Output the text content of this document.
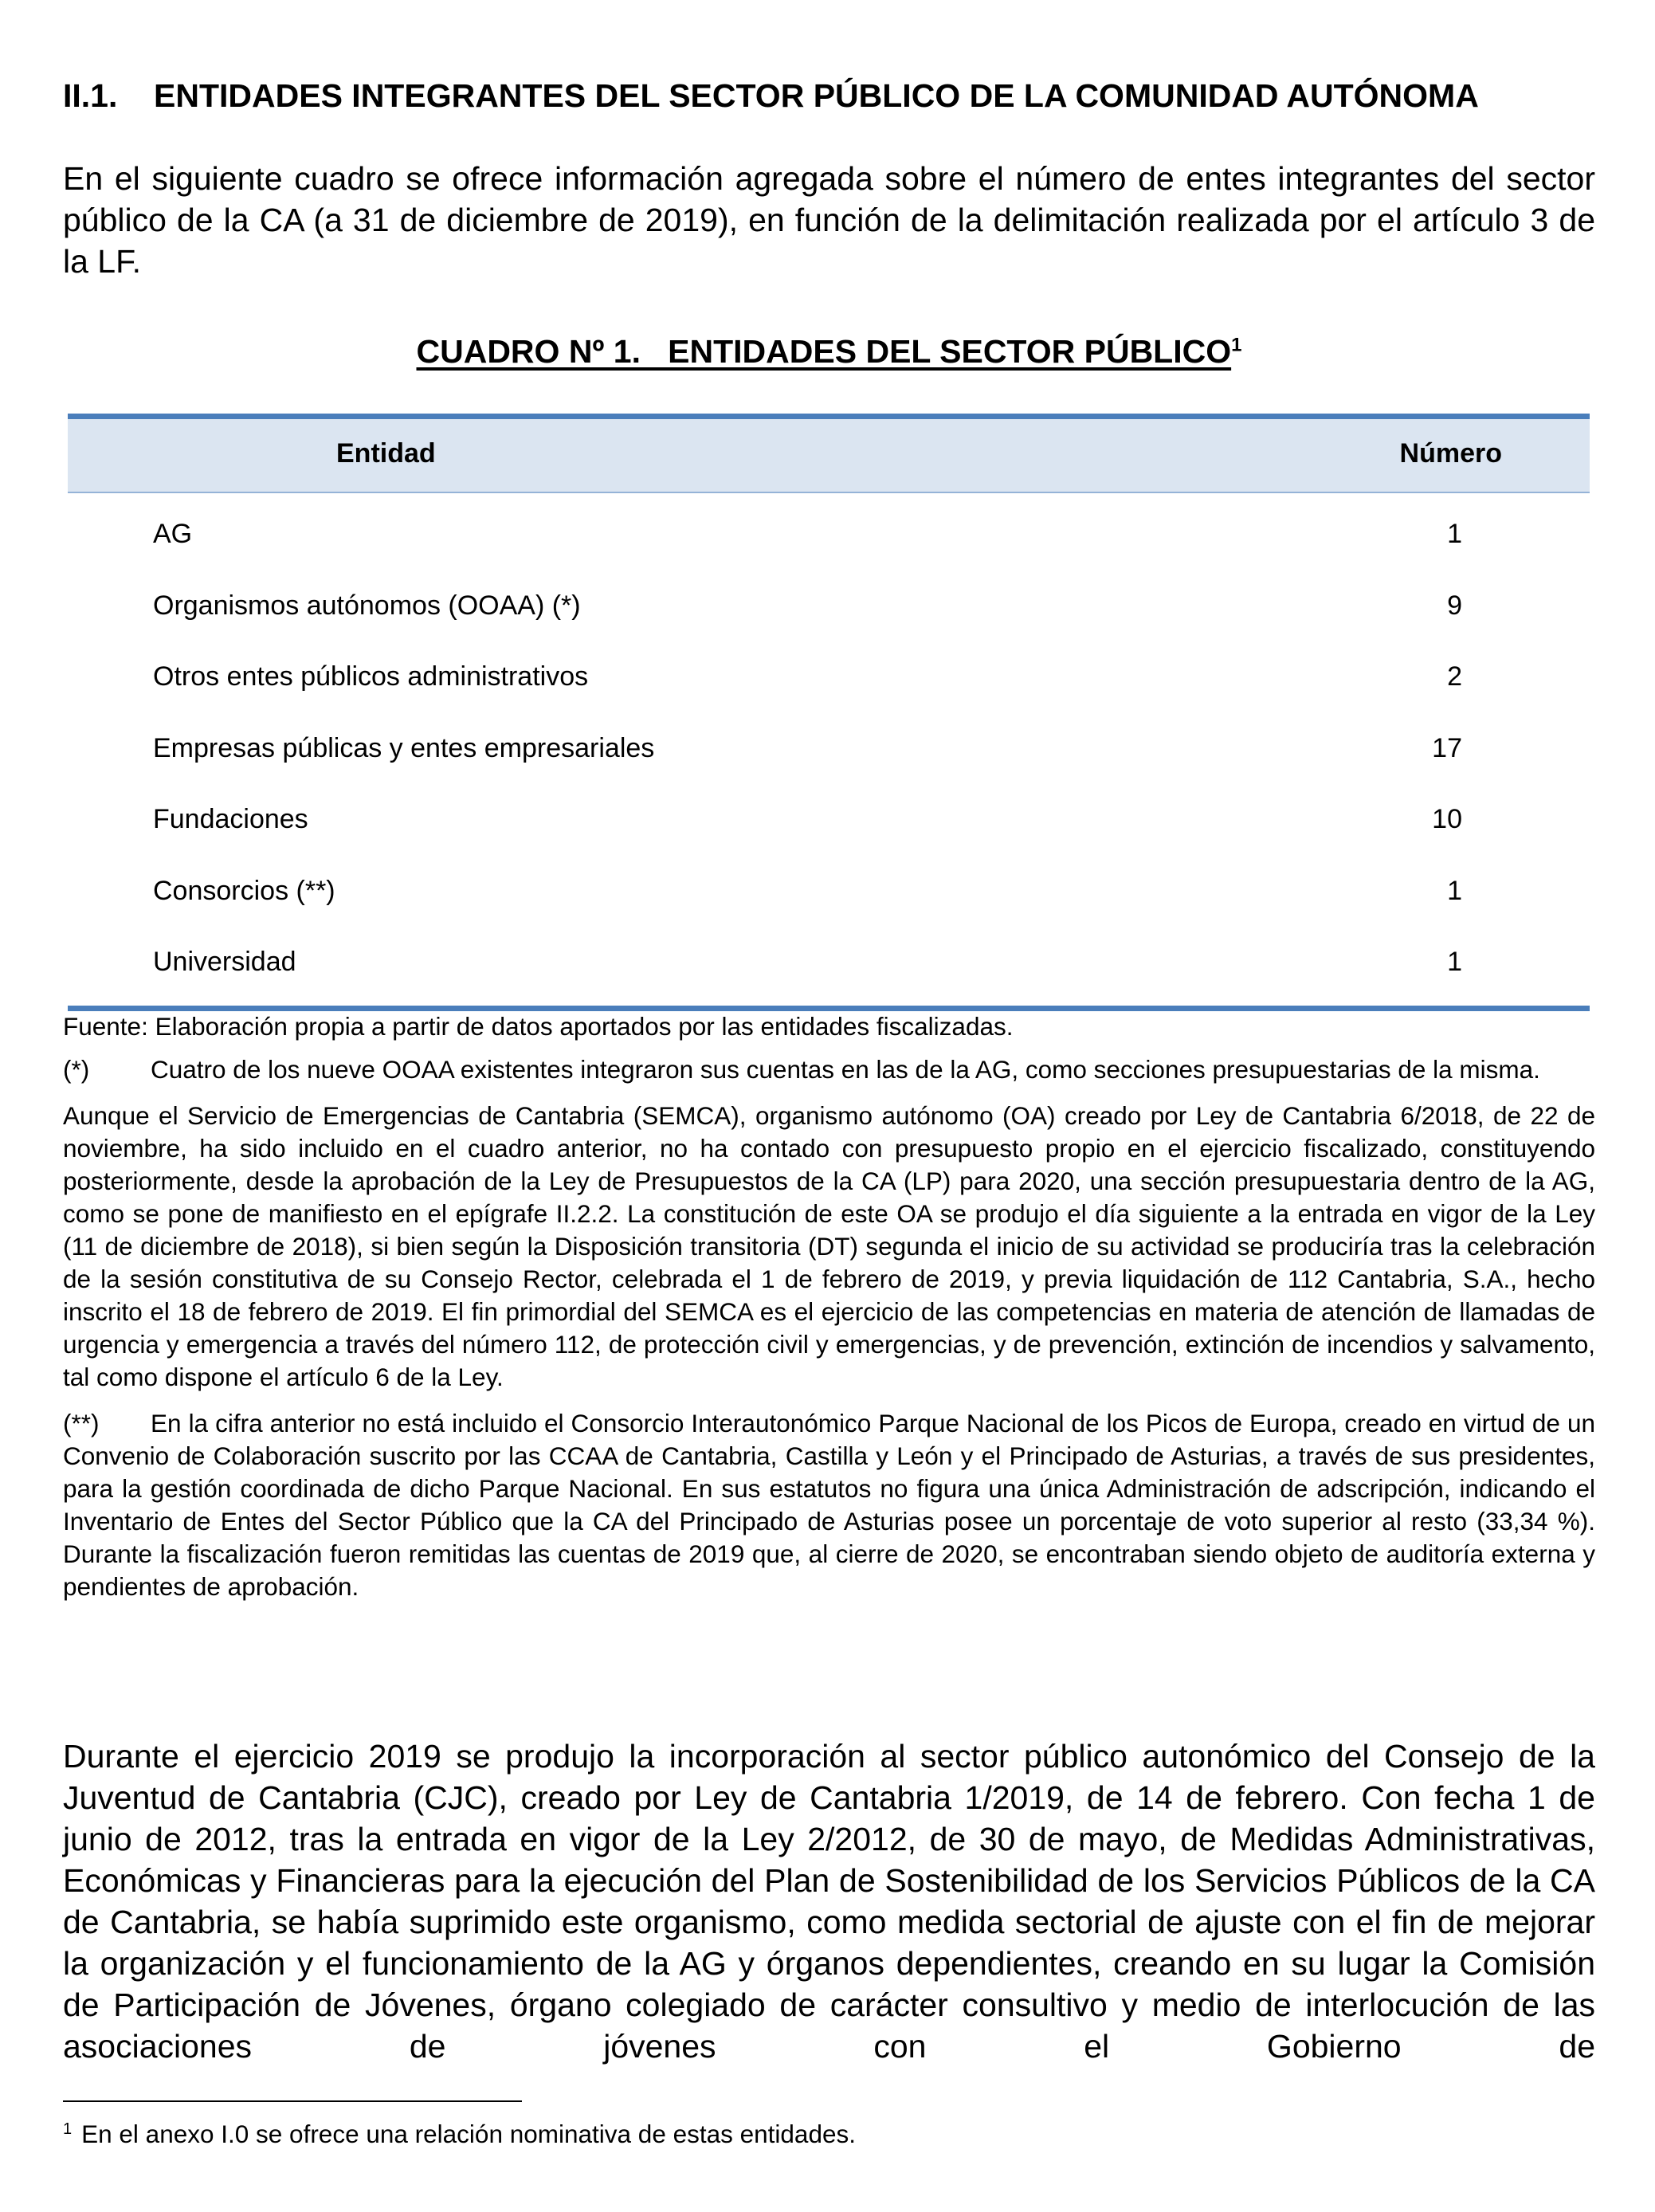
II.1. ENTIDADES INTEGRANTES DEL SECTOR PÚBLICO DE LA COMUNIDAD AUTÓNOMA

En el siguiente cuadro se ofrece información agregada sobre el número de entes integrantes del sector público de la CA (a 31 de diciembre de 2019), en función de la delimitación realizada por el artículo 3 de la LF.

CUADRO Nº 1.   ENTIDADES DEL SECTOR PÚBLICO$^1$
Entidad	Número
AG	1
Organismos autónomos (OOAA) (*)	9
Otros entes públicos administrativos	2
Empresas públicas y entes empresariales	17
Fundaciones	10
Consorcios (**)	1
Universidad	1

Fuente: Elaboración propia a partir de datos aportados por las entidades fiscalizadas.

(*) Cuatro de los nueve OOAA existentes integraron sus cuentas en las de la AG, como secciones presupuestarias de la misma.

Aunque el Servicio de Emergencias de Cantabria (SEMCA), organismo autónomo (OA) creado por Ley de Cantabria 6/2018, de 22 de noviembre, ha sido incluido en el cuadro anterior, no ha contado con presupuesto propio en el ejercicio fiscalizado, constituyendo posteriormente, desde la aprobación de la Ley de Presupuestos de la CA (LP) para 2020, una sección presupuestaria dentro de la AG, como se pone de manifiesto en el epígrafe II.2.2. La constitución de este OA se produjo el día siguiente a la entrada en vigor de la Ley (11 de diciembre de 2018), si bien según la Disposición transitoria (DT) segunda el inicio de su actividad se produciría tras la celebración de la sesión constitutiva de su Consejo Rector, celebrada el 1 de febrero de 2019, y previa liquidación de 112 Cantabria, S.A., hecho inscrito el 18 de febrero de 2019. El fin primordial del SEMCA es el ejercicio de las competencias en materia de atención de llamadas de urgencia y emergencia a través del número 112, de protección civil y emergencias, y de prevención, extinción de incendios y salvamento, tal como dispone el artículo 6 de la Ley.

(**) En la cifra anterior no está incluido el Consorcio Interautonómico Parque Nacional de los Picos de Europa, creado en virtud de un Convenio de Colaboración suscrito por las CCAA de Cantabria, Castilla y León y el Principado de Asturias, a través de sus presidentes, para la gestión coordinada de dicho Parque Nacional. En sus estatutos no figura una única Administración de adscripción, indicando el Inventario de Entes del Sector Público que la CA del Principado de Asturias posee un porcentaje de voto superior al resto (33,34 %). Durante la fiscalización fueron remitidas las cuentas de 2019 que, al cierre de 2020, se encontraban siendo objeto de auditoría externa y pendientes de aprobación.

Durante el ejercicio 2019 se produjo la incorporación al sector público autonómico del Consejo de la Juventud de Cantabria (CJC), creado por Ley de Cantabria 1/2019, de 14 de febrero. Con fecha 1 de junio de 2012, tras la entrada en vigor de la Ley 2/2012, de 30 de mayo, de Medidas Administrativas, Económicas y Financieras para la ejecución del Plan de Sostenibilidad de los Servicios Públicos de la CA de Cantabria, se había suprimido este organismo, como medida sectorial de ajuste con el fin de mejorar la organización y el funcionamiento de la AG y órganos dependientes, creando en su lugar la Comisión de Participación de Jóvenes, órgano colegiado de carácter consultivo y medio de interlocución de las asociaciones de jóvenes con el Gobierno de

$^1$ En el anexo I.0 se ofrece una relación nominativa de estas entidades.
